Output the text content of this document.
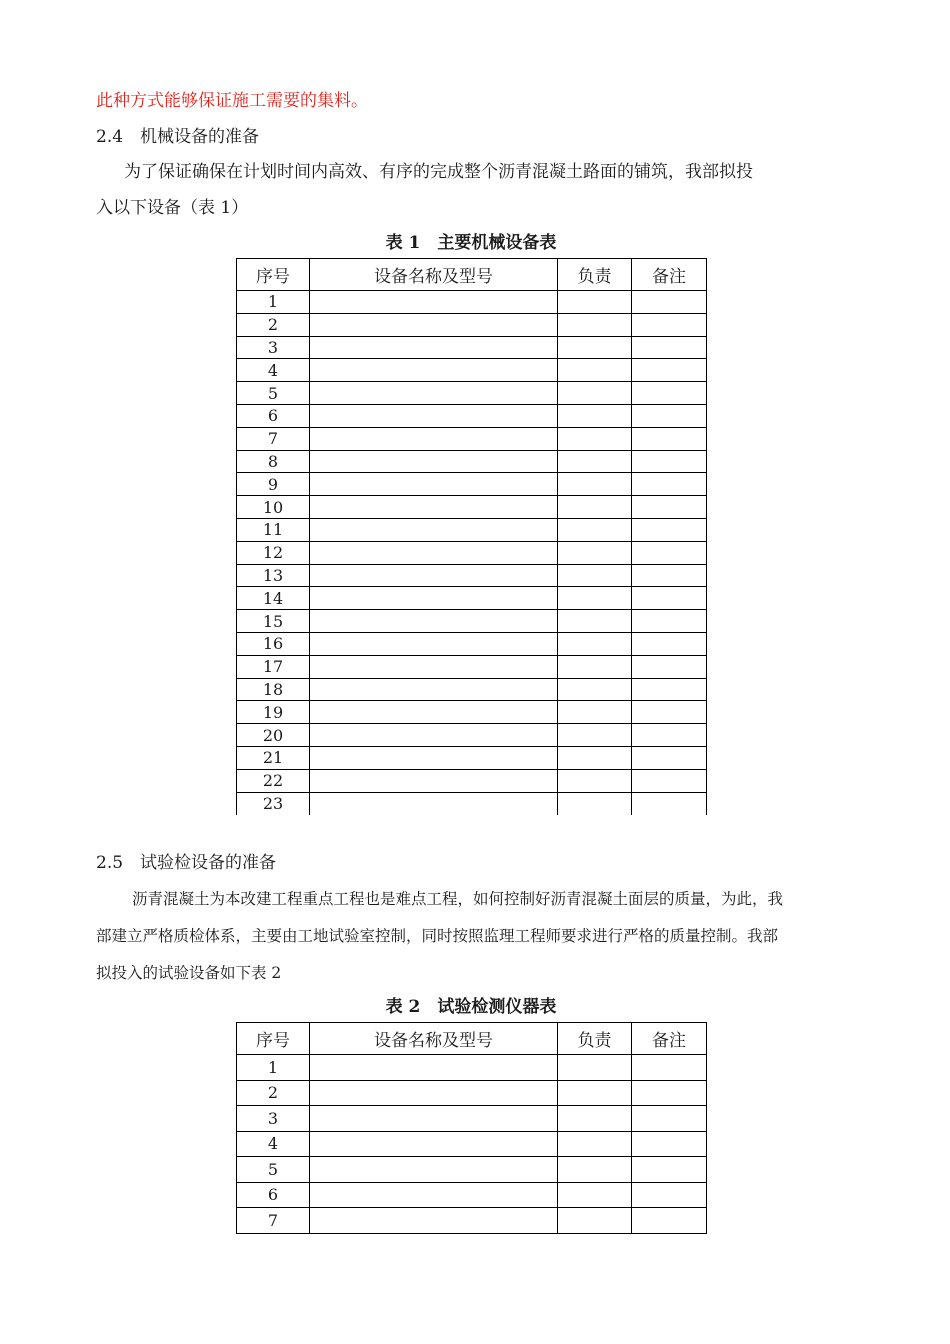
此种方式能够保证施工需要的集料。
2.4　机械设备的准备
为了保证确保在计划时间内高效、有序的完成整个沥青混凝土路面的铺筑，我部拟投
入以下设备（表 1）
表 1　主要机械设备表
序号	设备名称及型号	负责	备注
1			
2			
3			
4			
5			
6			
7			
8			
9			
10			
11			
12			
13			
14			
15			
16			
17			
18			
19			
20			
21			
22			
23			
2.5　试验检设备的准备
沥青混凝土为本改建工程重点工程也是难点工程，如何控制好沥青混凝土面层的质量，为此，我
部建立严格质检体系，主要由工地试验室控制，同时按照监理工程师要求进行严格的质量控制。我部
拟投入的试验设备如下表 2
表 2　试验检测仪器表
序号	设备名称及型号	负责	备注
1			
2			
3			
4			
5			
6			
7			
